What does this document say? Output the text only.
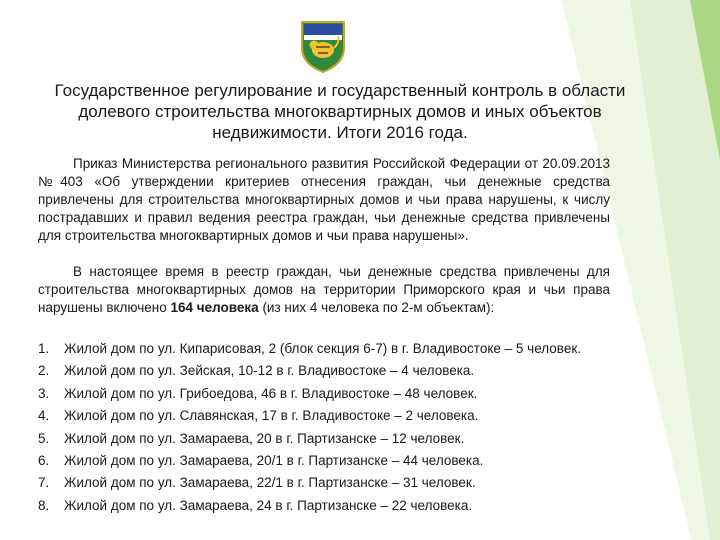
Государственное регулирование и государственный контроль в области долевого строительства многоквартирных домов и иных объектов недвижимости. Итоги 2016 года.
Приказ Министерства регионального развития Российской Федерации от 20.09.2013 №403 «Об утверждении критериев отнесения граждан, чьи денежные средства привлечены для строительства многоквартирных домов и чьи права нарушены, к числу пострадавших и правил ведения реестра граждан, чьи денежные средства привлечены для строительства многоквартирных домов и чьи права нарушены».
В настоящее время в реестр граждан, чьи денежные средства привлечены для строительства многоквартирных домов на территории Приморского края и чьи права нарушены включено 164 человека (из них 4 человека по 2-м объектам):
1.	Жилой дом по ул. Кипарисовая, 2 (блок секция 6-7) в г. Владивостоке – 5 человек.
2.	Жилой дом по ул. Зейская, 10-12 в г. Владивостоке – 4 человека.
3.	Жилой дом по ул. Грибоедова, 46 в г. Владивостоке – 48 человек.
4.	Жилой дом по ул. Славянская, 17 в г. Владивостоке – 2 человека.
5.	Жилой дом по ул. Замараева, 20 в г. Партизанске – 12 человек.
6.	Жилой дом по ул. Замараева, 20/1 в г. Партизанске – 44 человека.
7.	Жилой дом по ул. Замараева, 22/1 в г. Партизанске – 31 человек.
8.	Жилой дом по ул. Замараева, 24 в г. Партизанске – 22 человека.
